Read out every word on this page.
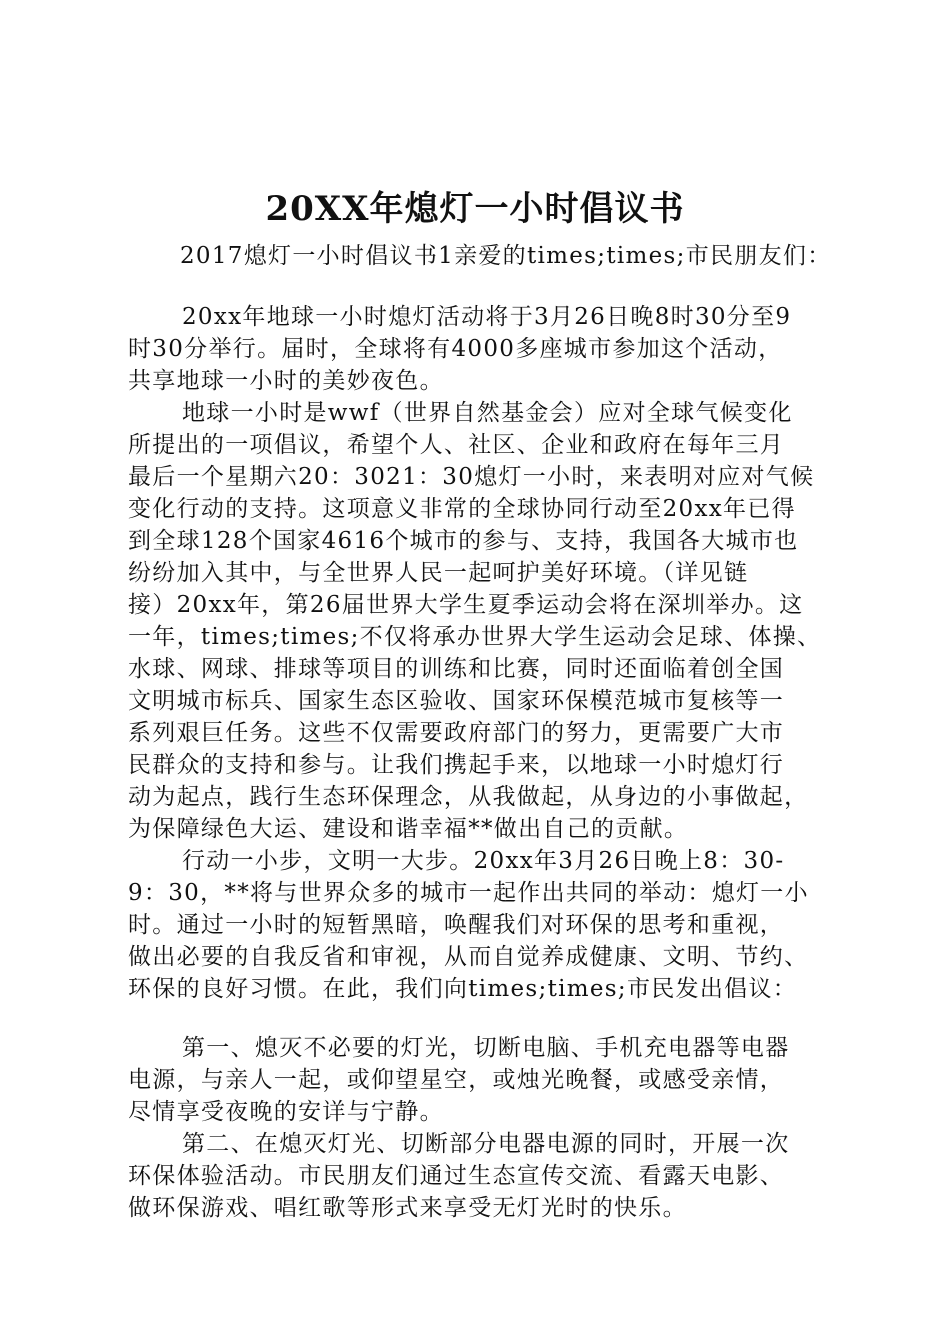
20XX年熄灯一小时倡议书
2017熄灯一小时倡议书1亲爱的times;times;市民朋友们：
20xx年地球一小时熄灯活动将于3月26日晚8时30分至9
时30分举行。届时，全球将有4000多座城市参加这个活动，
共享地球一小时的美妙夜色。
地球一小时是wwf（世界自然基金会）应对全球气候变化
所提出的一项倡议，希望个人、社区、企业和政府在每年三月
最后一个星期六20：3021：30熄灯一小时，来表明对应对气候
变化行动的支持。这项意义非常的全球协同行动至20xx年已得
到全球128个国家4616个城市的参与、支持，我国各大城市也
纷纷加入其中，与全世界人民一起呵护美好环境。（详见链
接）20xx年，第26届世界大学生夏季运动会将在深圳举办。这
一年，times;times;不仅将承办世界大学生运动会足球、体操、
水球、网球、排球等项目的训练和比赛，同时还面临着创全国
文明城市标兵、国家生态区验收、国家环保模范城市复核等一
系列艰巨任务。这些不仅需要政府部门的努力，更需要广大市
民群众的支持和参与。让我们携起手来，以地球一小时熄灯行
动为起点，践行生态环保理念，从我做起，从身边的小事做起，
为保障绿色大运、建设和谐幸福**做出自己的贡献。
行动一小步，文明一大步。20xx年3月26日晚上8：30-
9：30，**将与世界众多的城市一起作出共同的举动：熄灯一小
时。通过一小时的短暂黑暗，唤醒我们对环保的思考和重视，
做出必要的自我反省和审视，从而自觉养成健康、文明、节约、
环保的良好习惯。在此，我们向times;times;市民发出倡议：
第一、熄灭不必要的灯光，切断电脑、手机充电器等电器
电源，与亲人一起，或仰望星空，或烛光晚餐，或感受亲情，
尽情享受夜晚的安详与宁静。
第二、在熄灭灯光、切断部分电器电源的同时，开展一次
环保体验活动。市民朋友们通过生态宣传交流、看露天电影、
做环保游戏、唱红歌等形式来享受无灯光时的快乐。
